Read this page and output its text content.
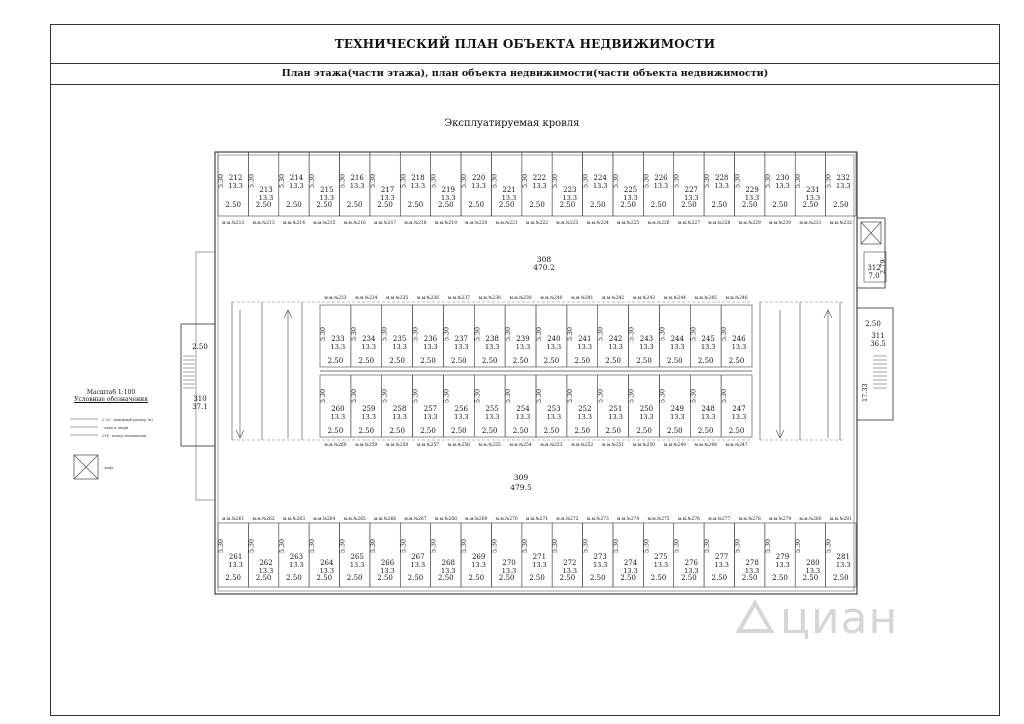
ТЕХНИЧЕСКИЙ ПЛАН ОБЪЕКТА НЕДВИЖИМОСТИ
План этажа(части этажа), план объекта недвижимости(части объекта недвижимости)
Эксплуатируемая кровля
5.30 212
13.3
2.50
м.м.№212
5.30
213
13.3
2.50
м.м.№213
5.30 214
13.3
2.50
м.м.№214
5.30
215
13.3
2.50
м.м.№215
5.30 216
13.3
2.50
м.м.№216
5.30
217
13.3
2.50
м.м.№217
5.30 218
13.3
2.50
м.м.№218
5.30
219
13.3
2.50
м.м.№219
5.30 220
13.3
2.50
м.м.№220
5.30
221
13.3
2.50
м.м.№221
5.30 222
13.3
2.50
м.м.№222
5.30
223
13.3
2.50
м.м.№223
5.30 224
13.3
2.50
м.м.№224
5.30
225
13.3
2.50
м.м.№225
5.30 226
13.3
2.50
м.м.№226
5.30
227
13.3
2.50
м.м.№227
5.30 228
13.3
2.50
м.м.№228
5.30
229
13.3
2.50
м.м.№229
5.30 230
13.3
2.50
м.м.№230
5.30
231
13.3
2.50
м.м.№231
5.30 232
13.3
2.50
м.м.№232
5.30 233
13.3
2.50
м.м.№233
5.30 234
13.3
2.50
м.м.№234
5.30 235
13.3
2.50
м.м.№235
5.30 236
13.3
2.50
м.м.№236
5.30 237
13.3
2.50
м.м.№237
5.30 238
13.3
2.50
м.м.№238
5.30 239
13.3
2.50
м.м.№239
5.30 240
13.3
2.50
м.м.№240
5.30 241
13.3
2.50
м.м.№241
5.30 242
13.3
2.50
м.м.№242
5.30 243
13.3
2.50
м.м.№243
5.30 244
13.3
2.50
м.м.№244
5.30 245
13.3
2.50
м.м.№245
5.30 246
13.3
2.50
м.м.№246
5.30
260
13.3
2.50
м.м.№260
5.30
259
13.3
2.50
м.м.№259
5.30
258
13.3
2.50
м.м.№258
5.30
257
13.3
2.50
м.м.№257
5.30
256
13.3
2.50
м.м.№256
5.30
255
13.3
2.50
м.м.№255
5.30
254
13.3
2.50
м.м.№254
5.30
253
13.3
2.50
м.м.№253
5.30
252
13.3
2.50
м.м.№252
5.30
251
13.3
2.50
м.м.№251
5.30
250
13.3
2.50
м.м.№250
5.30
249
13.3
2.50
м.м.№249
5.30
248
13.3
2.50
м.м.№248
5.30
247
13.3
2.50
м.м.№247
5.30
261
13.3
2.50
м.м.№261
5.30
262
13.3
2.50
м.м.№262
5.30
263
13.3
2.50
м.м.№263
5.30
264
13.3
2.50
м.м.№264
5.30
265
13.3
2.50
м.м.№265
5.30
266
13.3
2.50
м.м.№266
5.30
267
13.3
2.50
м.м.№267
5.30
268
13.3
2.50
м.м.№268
5.30
269
13.3
2.50
м.м.№269
5.30
270
13.3
2.50
м.м.№270
5.30
271
13.3
2.50
м.м.№271
5.30
272
13.3
2.50
м.м.№272
5.30
273
13.3
2.50
м.м.№273
5.30
274
13.3
2.50
м.м.№274
5.30
275
13.3
2.50
м.м.№275
5.30
276
13.3
2.50
м.м.№276
5.30
277
13.3
2.50
м.м.№277
5.30
278
13.3
2.50
м.м.№278
5.30
279
13.3
2.50
м.м.№279
5.30
280
13.3
2.50
м.м.№280
5.30
281
13.3
2.50
м.м.№281
308
470.2
309
479.5
2.50
310
37.1
2.50
311
36.5
17.33
312
7.0
2.79
Масштаб 1:100
Условные обозначения
2.50 - линейный размер (м)
- окна и двери
294 - номер помещения
- лифт
циан
